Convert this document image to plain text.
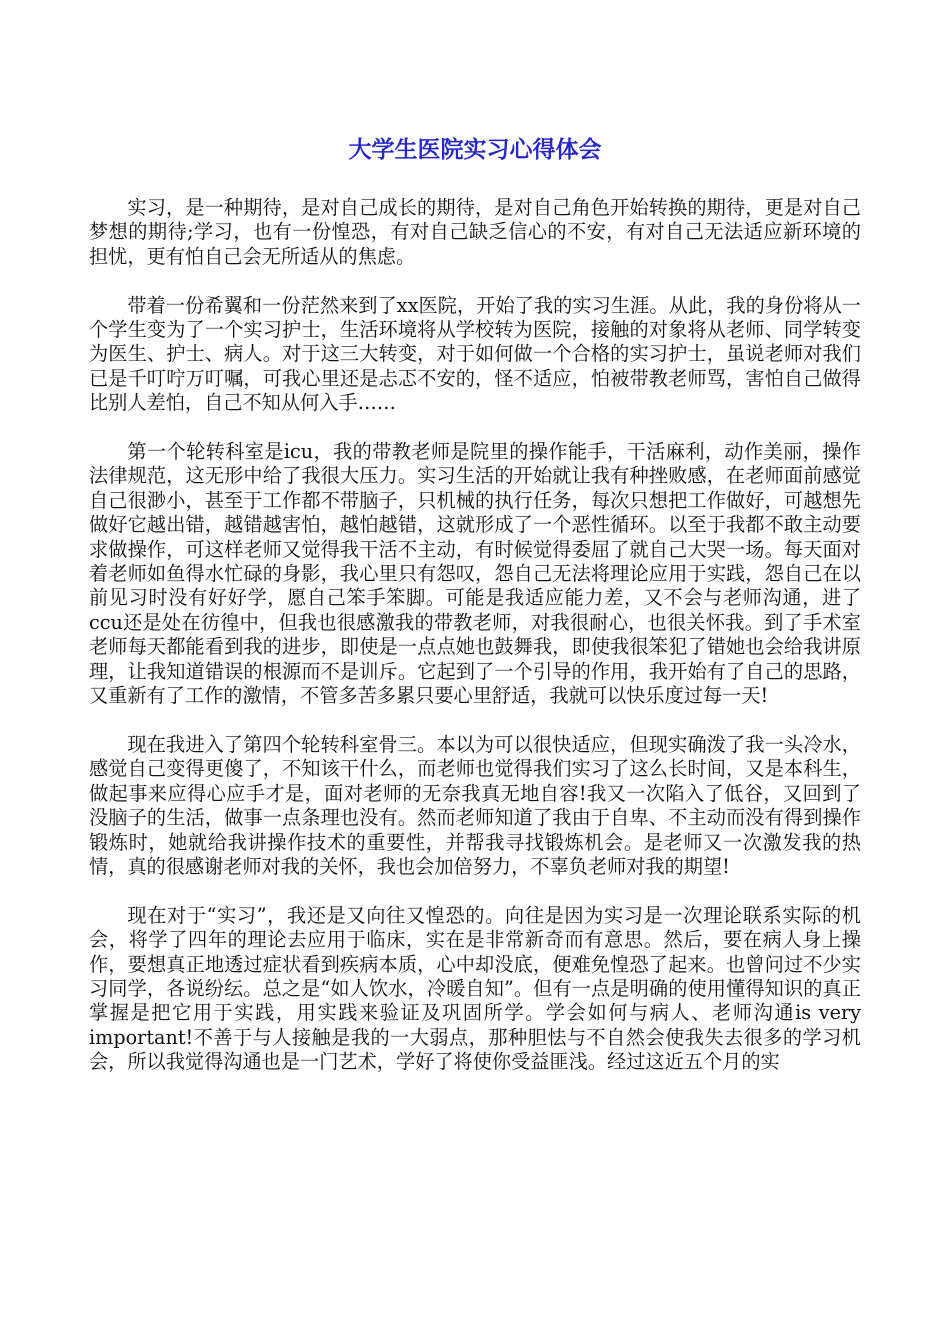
大学生医院实习心得体会

实习，是一种期待，是对自己成长的期待，是对自己角色开始转换的期待，更是对自己梦想的期待;学习，也有一份惶恐，有对自己缺乏信心的不安，有对自己无法适应新环境的担忧，更有怕自己会无所适从的焦虑。

带着一份希翼和一份茫然来到了xx医院，开始了我的实习生涯。从此，我的身份将从一个学生变为了一个实习护士，生活环境将从学校转为医院，接触的对象将从老师、同学转变为医生、护士、病人。对于这三大转变，对于如何做一个合格的实习护士，虽说老师对我们已是千叮咛万叮嘱，可我心里还是忐忑不安的，怪不适应，怕被带教老师骂，害怕自己做得比别人差怕，自己不知从何入手……

第一个轮转科室是icu，我的带教老师是院里的操作能手，干活麻利，动作美丽，操作法律规范，这无形中给了我很大压力。实习生活的开始就让我有种挫败感，在老师面前感觉自己很渺小，甚至于工作都不带脑子，只机械的执行任务，每次只想把工作做好，可越想先做好它越出错，越错越害怕，越怕越错，这就形成了一个恶性循环。以至于我都不敢主动要求做操作，可这样老师又觉得我干活不主动，有时候觉得委屈了就自己大哭一场。每天面对着老师如鱼得水忙碌的身影，我心里只有怨叹，怨自己无法将理论应用于实践，怨自己在以前见习时没有好好学，愿自己笨手笨脚。可能是我适应能力差，又不会与老师沟通，进了ccu还是处在彷徨中，但我也很感激我的带教老师，对我很耐心，也很关怀我。到了手术室老师每天都能看到我的进步，即使是一点点她也鼓舞我，即使我很笨犯了错她也会给我讲原理，让我知道错误的根源而不是训斥。它起到了一个引导的作用，我开始有了自己的思路，又重新有了工作的激情，不管多苦多累只要心里舒适，我就可以快乐度过每一天!

现在我进入了第四个轮转科室骨三。本以为可以很快适应，但现实确泼了我一头冷水，感觉自己变得更傻了，不知该干什么，而老师也觉得我们实习了这么长时间，又是本科生，做起事来应得心应手才是，面对老师的无奈我真无地自容!我又一次陷入了低谷，又回到了没脑子的生活，做事一点条理也没有。然而老师知道了我由于自卑、不主动而没有得到操作锻炼时，她就给我讲操作技术的重要性，并帮我寻找锻炼机会。是老师又一次激发我的热情，真的很感谢老师对我的关怀，我也会加倍努力，不辜负老师对我的期望!

现在对于“实习”，我还是又向往又惶恐的。向往是因为实习是一次理论联系实际的机会，将学了四年的理论去应用于临床，实在是非常新奇而有意思。然后，要在病人身上操作，要想真正地透过症状看到疾病本质，心中却没底，便难免惶恐了起来。也曾问过不少实习同学，各说纷纭。总之是“如人饮水，冷暖自知”。但有一点是明确的使用懂得知识的真正掌握是把它用于实践，用实践来验证及巩固所学。学会如何与病人、老师沟通is very important!不善于与人接触是我的一大弱点，那种胆怯与不自然会使我失去很多的学习机会，所以我觉得沟通也是一门艺术，学好了将使你受益匪浅。经过这近五个月的实
